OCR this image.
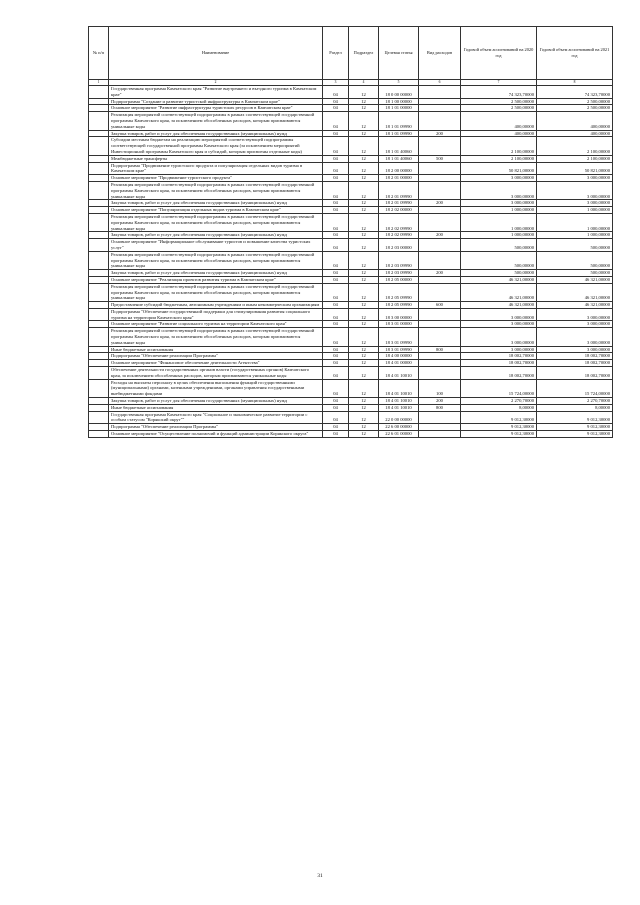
№ п/п	Наименование	Раздел	Подраздел	Целевая статья	Вид расходов	Годовой объем ассигнований на 2020 год	Годовой объем ассигнований на 2021 год
1	2	3	4	5	6	7	8
	Государственная программа Камчатского края "Развитие внутреннего и въездного туризма в Камчатском крае"	04	12	18 0 00 00000		74 323,70000	74 323,70000
	Подпрограмма "Создание и развитие туристской инфраструктуры в Камчатском крае"	04	12	18 1 00 00000		2 500,00000	2 500,00000
	Основное мероприятие "Развитие инфраструктуры туристских ресурсов в Камчатском крае"	04	12	18 1 01 00000		2 500,00000	2 500,00000
	Реализация мероприятий соответствующей подпрограммы в рамках соответствующей государственной программы Камчатского края, за исключением обособленных расходов, которым присваиваются уникальные коды	04	12	18 1 01 09990		400,00000	400,00000
	Закупка товаров, работ и услуг для обеспечения государственных (муниципальных) нужд	04	12	18 1 01 09990	200	400,00000	400,00000
	Субсидии местным бюджетам на реализацию мероприятий соответствующей подпрограммы соответствующей государственной программы Камчатского края (за исключением мероприятий Инвестиционной программы Камчатского края и субсидий, которым присвоены отдельные коды)	04	12	18 1 01 40060		2 100,00000	2 100,00000
	Межбюджетные трансферты	04	12	18 1 01 40060	500	2 100,00000	2 100,00000
	Подпрограмма "Продвижение туристского продукта и популяризация отдельных видов туризма в Камчатском крае"	04	12	18 2 00 00000		50 821,00000	50 821,00000
	Основное мероприятие "Продвижение туристского продукта"	04	12	18 2 01 00000		3 000,00000	3 000,00000
	Реализация мероприятий соответствующей подпрограммы в рамках соответствующей государственной программы Камчатского края, за исключением обособленных расходов, которым присваиваются уникальные коды	04	12	18 2 01 09990		3 000,00000	3 000,00000
	Закупка товаров, работ и услуг для обеспечения государственных (муниципальных) нужд	04	12	18 2 01 09990	200	3 000,00000	3 000,00000
	Основное мероприятие "Популяризация отдельных видов туризма в Камчатском крае"	04	12	18 2 02 00000		1 000,00000	1 000,00000
	Реализация мероприятий соответствующей подпрограммы в рамках соответствующей государственной программы Камчатского края, за исключением обособленных расходов, которым присваиваются уникальные коды	04	12	18 2 02 09990		1 000,00000	1 000,00000
	Закупка товаров, работ и услуг для обеспечения государственных (муниципальных) нужд	04	12	18 2 02 09990	200	1 000,00000	1 000,00000
	Основное мероприятие "Информационное обслуживание туристов и повышение качества туристских услуг"	04	12	18 2 03 00000		500,00000	500,00000
	Реализация мероприятий соответствующей подпрограммы в рамках соответствующей государственной программы Камчатского края, за исключением обособленных расходов, которым присваиваются уникальные коды	04	12	18 2 03 09990		500,00000	500,00000
	Закупка товаров, работ и услуг для обеспечения государственных (муниципальных) нужд	04	12	18 2 03 09990	200	500,00000	500,00000
	Основное мероприятие "Реализация проектов развития туризма в Камчатском крае"	04	12	18 2 05 00000		46 321,00000	46 321,00000
	Реализация мероприятий соответствующей подпрограммы в рамках соответствующей государственной программы Камчатского края, за исключением обособленных расходов, которым присваиваются уникальные коды	04	12	18 2 05 09990		46 321,00000	46 321,00000
	Предоставление субсидий бюджетным, автономным учреждениям и иным некоммерческим организациям	04	12	18 2 05 09990	600	46 321,00000	46 321,00000
	Подпрограмма "Обеспечение государственной поддержки для стимулирования развития социального туризма на территории Камчатского края"	04	12	18 3 00 00000		3 000,00000	3 000,00000
	Основное мероприятие "Развитие социального туризма на территории Камчатского края"	04	12	18 3 01 00000		3 000,00000	3 000,00000
	Реализация мероприятий соответствующей подпрограммы в рамках соответствующей государственной программы Камчатского края, за исключением обособленных расходов, которым присваиваются уникальные коды	04	12	18 3 01 09990		3 000,00000	3 000,00000
	Иные бюджетные ассигнования	04	12	18 3 01 09990	800	3 000,00000	3 000,00000
	Подпрограмма "Обеспечение реализации Программы"	04	12	18 4 00 00000		18 002,70000	18 002,70000
	Основное мероприятие "Финансовое обеспечение деятельности Агентства"	04	12	18 4 01 00000		18 002,70000	18 002,70000
	Обеспечение деятельности государственных органов власти (государственных органов) Камчатского края, за исключением обособленных расходов, которым присваиваются уникальные коды	04	12	18 4 01 10010		18 002,70000	18 002,70000
	Расходы на выплаты персоналу в целях обеспечения выполнения функций государственными (муниципальными) органами, казенными учреждениями, органами управления государственными внебюджетными фондами	04	12	18 4 01 10010	100	15 724,00000	15 724,00000
	Закупка товаров, работ и услуг для обеспечения государственных (муниципальных) нужд	04	12	18 4 01 10010	200	2 270,70000	2 270,70000
	Иные бюджетные ассигнования	04	12	18 4 01 10010	800	8,00000	8,00000
	Государственная программа Камчатского края "Социальное и экономическое развитие территории с особым статусом "Корякский округ""	04	12	22 0 00 00000		9 012,30000	9 012,30000
	Подпрограмма "Обеспечение реализации Программы"	04	12	22 6 00 00000		9 012,30000	9 012,30000
	Основное мероприятие "Осуществление полномочий и функций администрации Корякского округа"	04	12	22 6 01 00000		9 012,30000	9 012,30000
31
